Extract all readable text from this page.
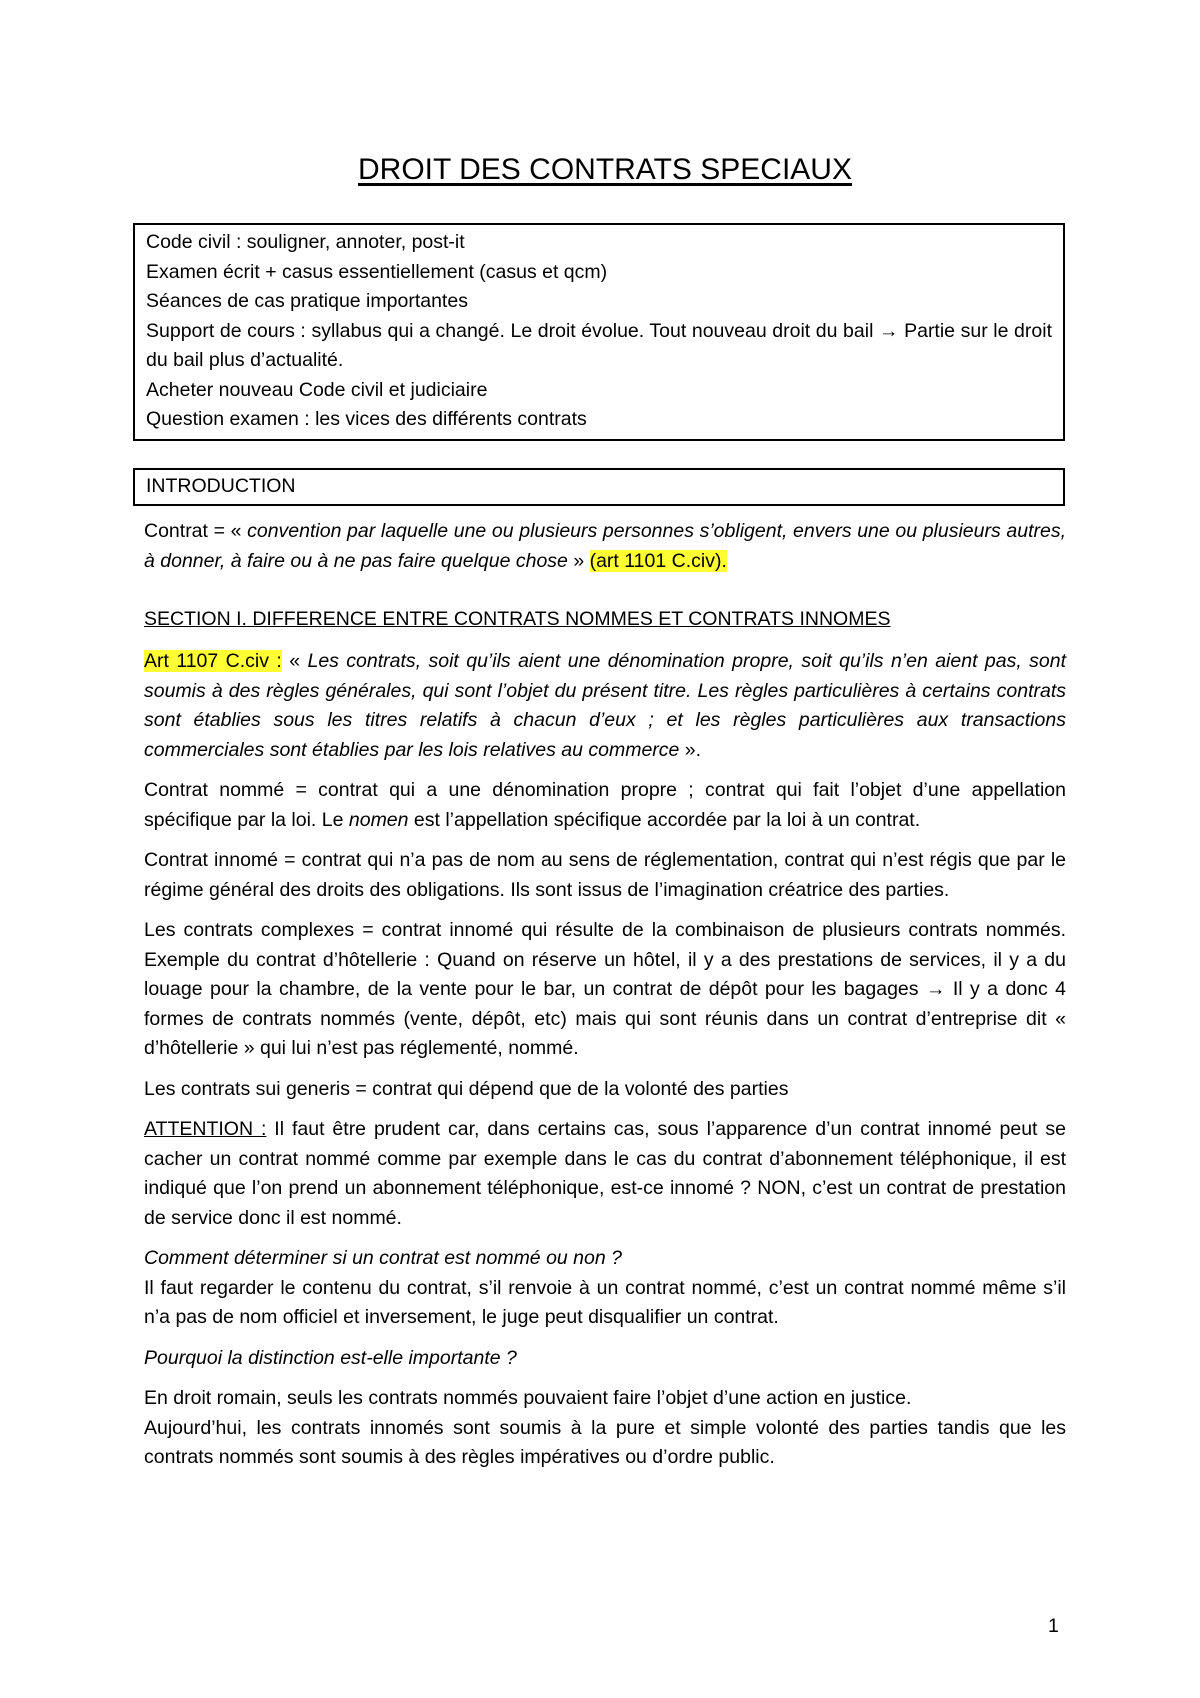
DROIT DES CONTRATS SPECIAUX
Code civil : souligner, annoter, post-it
Examen écrit + casus essentiellement (casus et qcm)
Séances de cas pratique importantes
Support de cours : syllabus qui a changé. Le droit évolue. Tout nouveau droit du bail → Partie sur le droit du bail plus d’actualité.
Acheter nouveau Code civil et judiciaire
Question examen : les vices des différents contrats
INTRODUCTION

Contrat = « convention par laquelle une ou plusieurs personnes s’obligent, envers une ou plusieurs autres, à donner, à faire ou à ne pas faire quelque chose » (art 1101 C.civ).

SECTION I. DIFFERENCE ENTRE CONTRATS NOMMES ET CONTRATS INNOMES

Art 1107 C.civ : « Les contrats, soit qu’ils aient une dénomination propre, soit qu’ils n’en aient pas, sont soumis à des règles générales, qui sont l’objet du présent titre. Les règles particulières à certains contrats sont établies sous les titres relatifs à chacun d’eux ; et les règles particulières aux transactions commerciales sont établies par les lois relatives au commerce ».

Contrat nommé = contrat qui a une dénomination propre ; contrat qui fait l’objet d’une appellation spécifique par la loi. Le nomen est l’appellation spécifique accordée par la loi à un contrat.

Contrat innomé = contrat qui n’a pas de nom au sens de réglementation, contrat qui n’est régis que par le régime général des droits des obligations. Ils sont issus de l’imagination créatrice des parties.

Les contrats complexes = contrat innomé qui résulte de la combinaison de plusieurs contrats nommés. Exemple du contrat d’hôtellerie : Quand on réserve un hôtel, il y a des prestations de services, il y a du louage pour la chambre, de la vente pour le bar, un contrat de dépôt pour les bagages → Il y a donc 4 formes de contrats nommés (vente, dépôt, etc) mais qui sont réunis dans un contrat d’entreprise dit « d’hôtellerie » qui lui n’est pas réglementé, nommé.

Les contrats sui generis = contrat qui dépend que de la volonté des parties

ATTENTION : Il faut être prudent car, dans certains cas, sous l’apparence d’un contrat innomé peut se cacher un contrat nommé comme par exemple dans le cas du contrat d’abonnement téléphonique, il est indiqué que l’on prend un abonnement téléphonique, est-ce innomé ? NON, c’est un contrat de prestation de service donc il est nommé.

Comment déterminer si un contrat est nommé ou non ?
Il faut regarder le contenu du contrat, s’il renvoie à un contrat nommé, c’est un contrat nommé même s’il n’a pas de nom officiel et inversement, le juge peut disqualifier un contrat.

Pourquoi la distinction est-elle importante ?

En droit romain, seuls les contrats nommés pouvaient faire l’objet d’une action en justice.
Aujourd’hui, les contrats innomés sont soumis à la pure et simple volonté des parties tandis que les contrats nommés sont soumis à des règles impératives ou d’ordre public.

1
